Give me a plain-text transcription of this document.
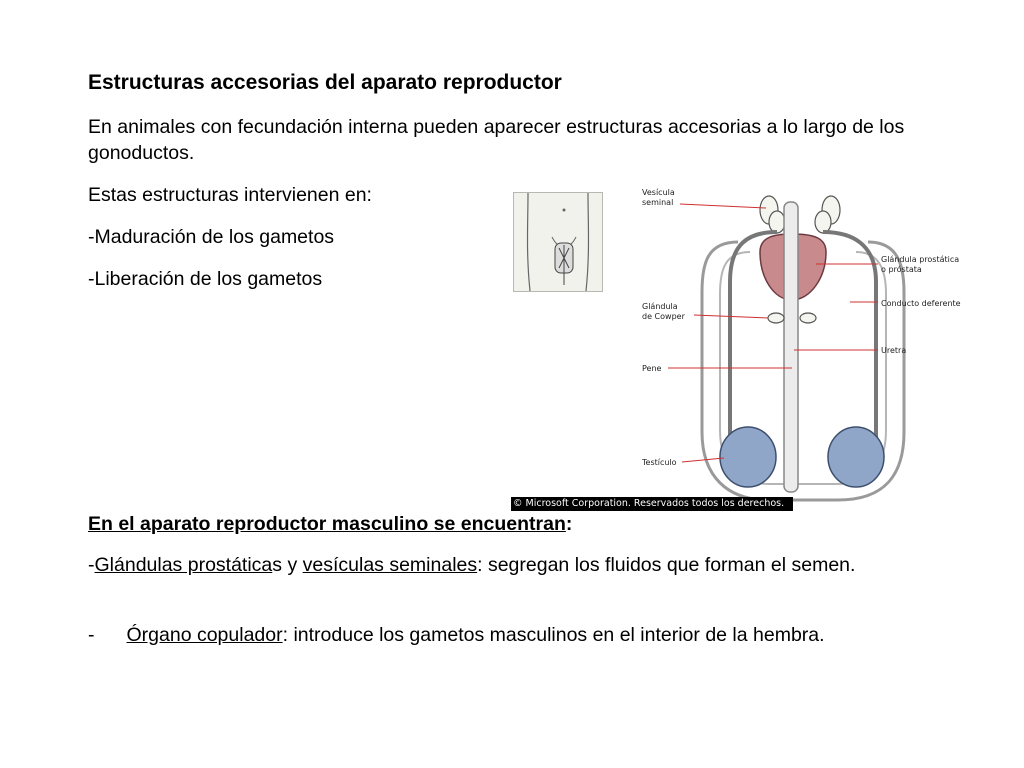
Estructuras accesorias del aparato reproductor

En animales con fecundación interna pueden aparecer estructuras accesorias a lo largo de los gonoductos.

Estas estructuras intervienen en:

-Maduración de los gametos

-Liberación de los gametos

Vesícula
seminal
Glándula prostática
o próstata
Conducto deferente
Glándula
de Cowper
Uretra
Pene
Testículo
© Microsoft Corporation. Reservados todos los derechos.

En el aparato reproductor masculino se encuentran:

-Glándulas prostáticas y vesículas seminales: segregan los fluidos que forman el semen.

- Órgano copulador: introduce los gametos masculinos en el interior de la hembra.
